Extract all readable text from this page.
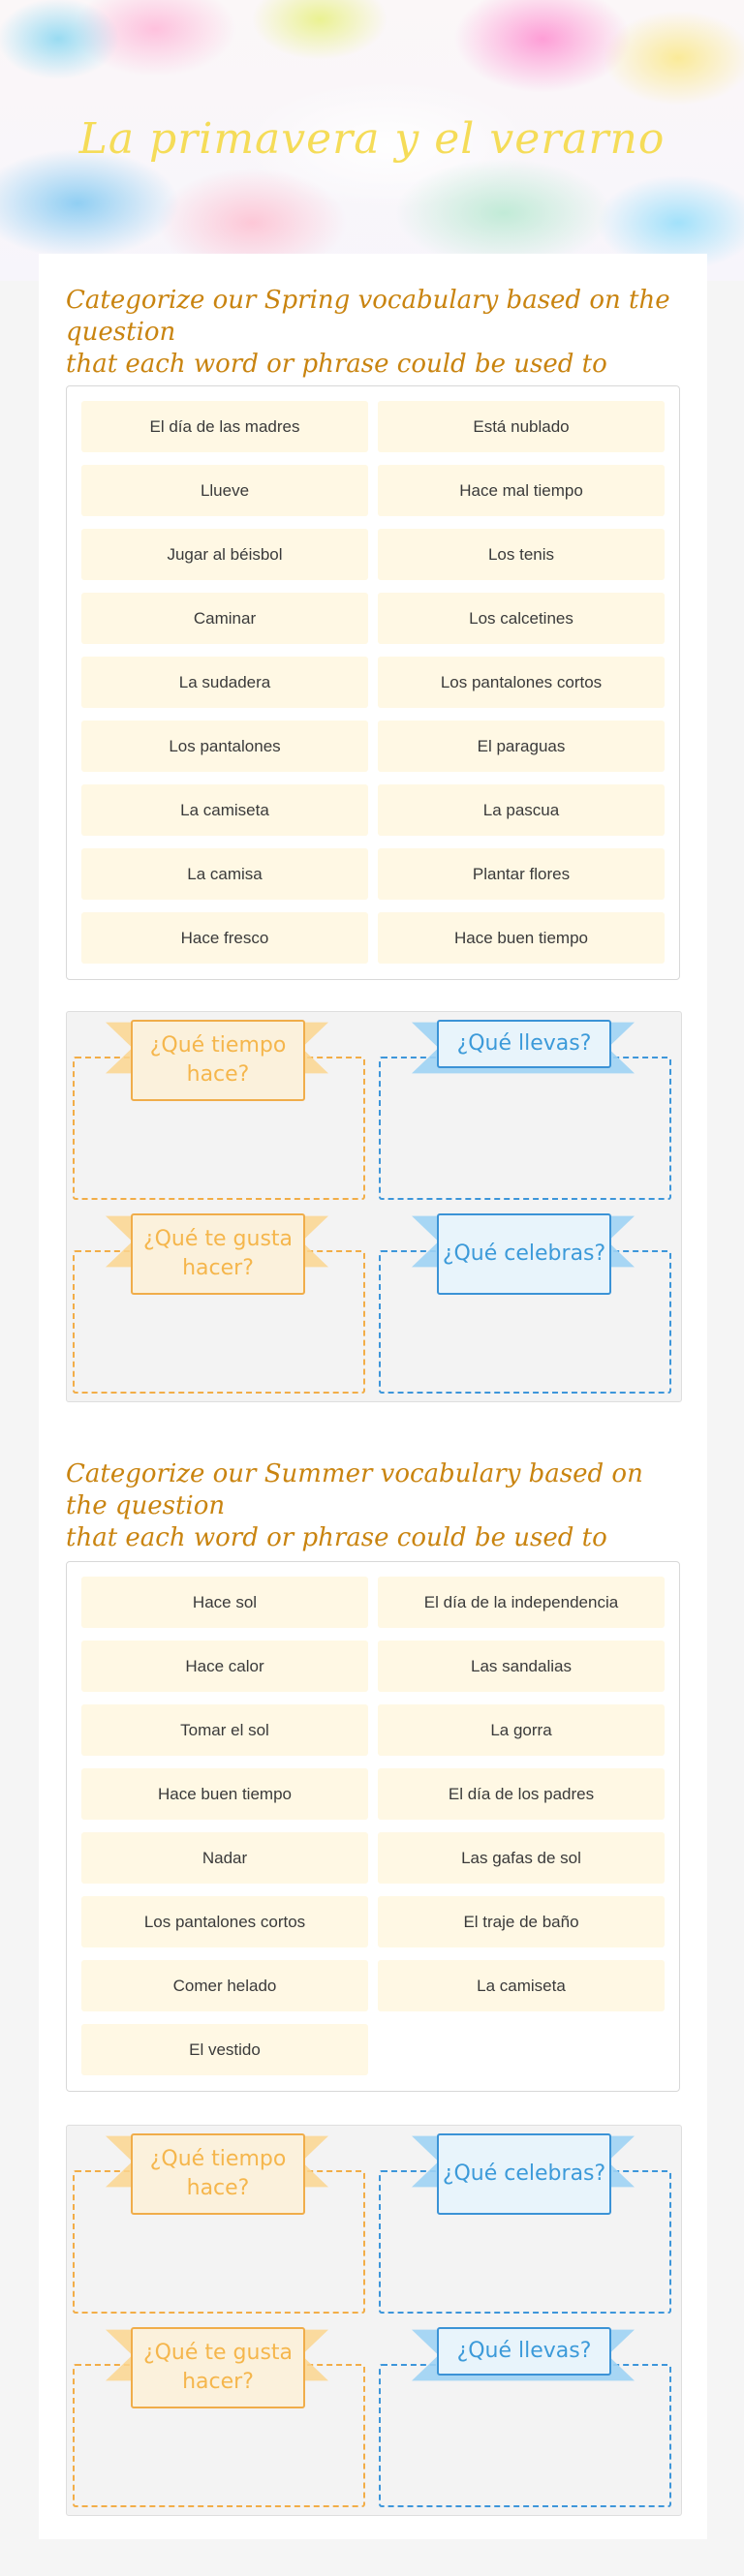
La primavera y el verarno
Categorize our Spring vocabulary based on the question
that each word or phrase could be used to
El día de las madres	Está nublado
Llueve	Hace mal tiempo
Jugar al béisbol	Los tenis
Caminar	Los calcetines
La sudadera	Los pantalones cortos
Los pantalones	El paraguas
La camiseta	La pascua
La camisa	Plantar flores
Hace fresco	Hace buen tiempo
¿Qué tiempo hace?
¿Qué llevas?
¿Qué te gusta hacer?
¿Qué celebras?
Categorize our Summer vocabulary based on the question
that each word or phrase could be used to
Hace sol	El día de la independencia
Hace calor	Las sandalias
Tomar el sol	La gorra
Hace buen tiempo	El día de los padres
Nadar	Las gafas de sol
Los pantalones cortos	El traje de baño
Comer helado	La camiseta
El vestido
¿Qué tiempo hace?
¿Qué celebras?
¿Qué te gusta hacer?
¿Qué llevas?
